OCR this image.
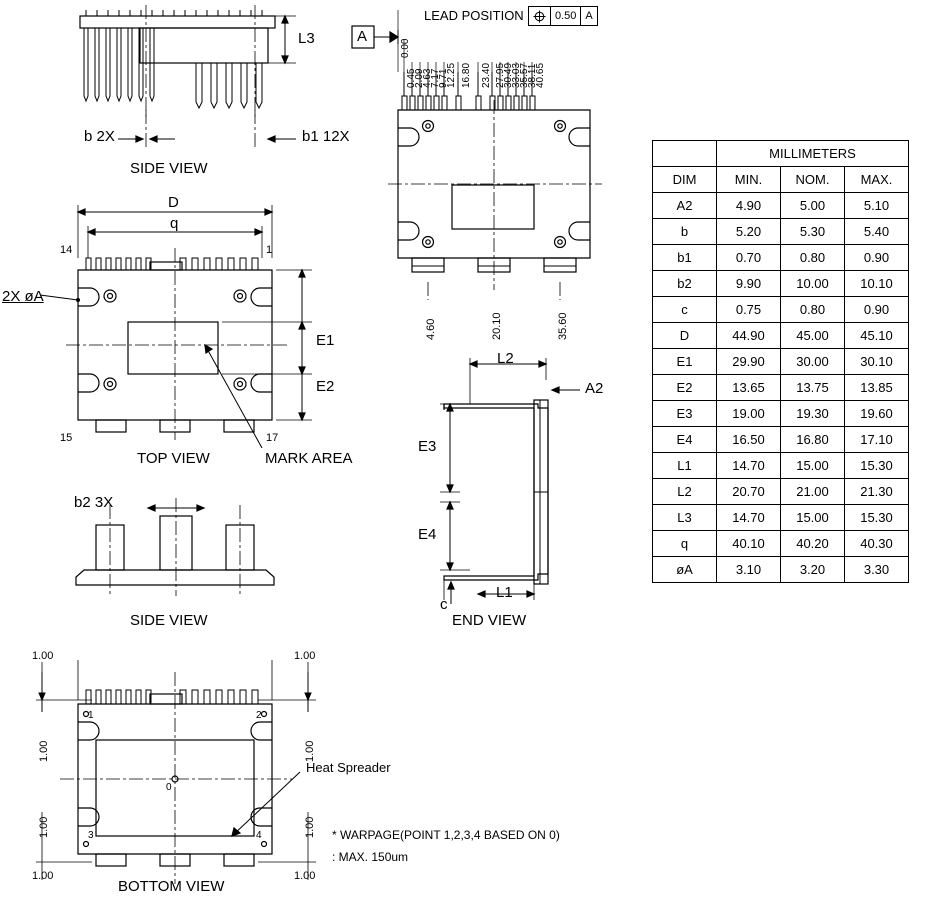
L3
b 2X	b1 12X
SIDE VIEW
D
q
14	1
15	17
2X øA
E1
E2
TOP VIEW	MARK AREA
b2 3X
SIDE VIEW
A
LEAD POSITION	0.50 A
0.00
0.45
2.09
4.63
7.17
9.71
12.25 16.80 23.40 27.95
30.49
33.03
35.57
38.11
40.65
4.60	20.10	35.60
L2
A2
E3
E4
c
L1
END VIEW
1.00	1.00
1.00	1.00
1.00	1.00
1.00	1.00
1	2
3	4
0
BOTTOM VIEW
Heat Spreader
* WARPAGE(POINT 1,2,3,4 BASED ON 0)
: MAX. 150um
	MILLIMETERS		
DIM	MIN.	NOM.	MAX.
A2	4.90	5.00	5.10
b	5.20	5.30	5.40
b1	0.70	0.80	0.90
b2	9.90	10.00	10.10
c	0.75	0.80	0.90
D	44.90	45.00	45.10
E1	29.90	30.00	30.10
E2	13.65	13.75	13.85
E3	19.00	19.30	19.60
E4	16.50	16.80	17.10
L1	14.70	15.00	15.30
L2	20.70	21.00	21.30
L3	14.70	15.00	15.30
q	40.10	40.20	40.30
øA	3.10	3.20	3.30
